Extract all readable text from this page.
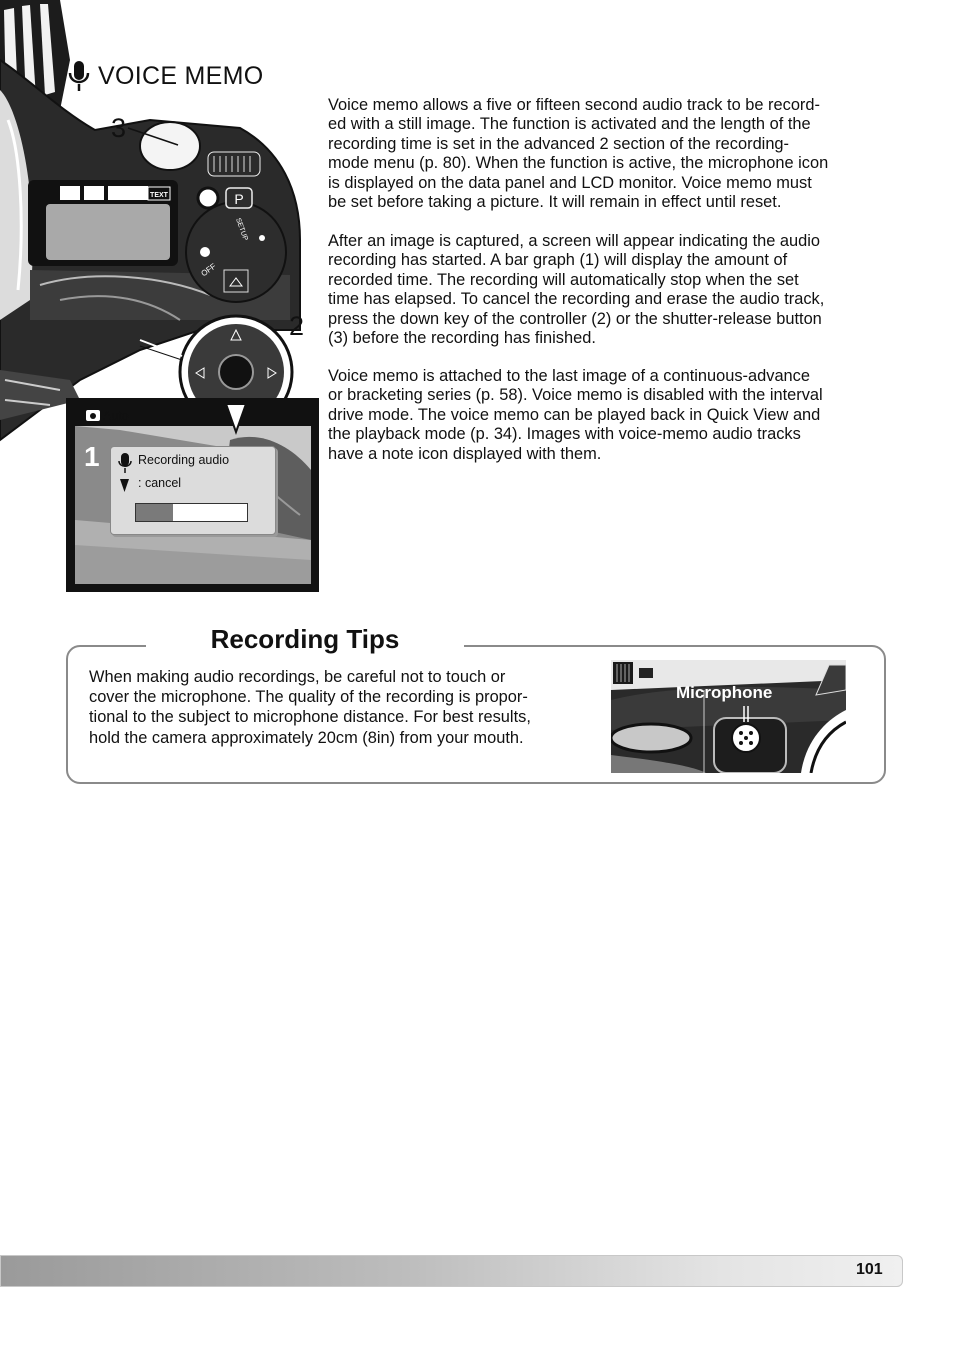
TEXT	P
SETUP
OFF
Auto
Recording audio
: cancel
3
2
1
VOICE MEMO

Voice memo allows a five or fifteen second audio track to be record-
ed with a still image. The function is activated and the length of the
recording time is set in the advanced 2 section of the recording-
mode menu (p. 80). When the function is active, the microphone icon
is displayed on the data panel and LCD monitor. Voice memo must
be set before taking a picture. It will remain in effect until reset.

After an image is captured, a screen will appear indicating the audio
recording has started. A bar graph (1) will display the amount of
recorded time. The recording will automatically stop when the set
time has elapsed. To cancel the recording and erase the audio track,
press the down key of the controller (2) or the shutter-release button
(3) before the recording has finished.

Voice memo is attached to the last image of a continuous-advance
or bracketing series (p. 58). Voice memo is disabled with the interval
drive mode. The voice memo can be played back in Quick View and
the playback mode (p. 34). Images with voice-memo audio tracks
have a note icon displayed with them.

Recording Tips

When making audio recordings, be careful not to touch or
cover the microphone. The quality of the recording is propor-
tional to the subject to microphone distance. For best results,
hold the camera approximately 20cm (8in) from your mouth.

Microphone
101
